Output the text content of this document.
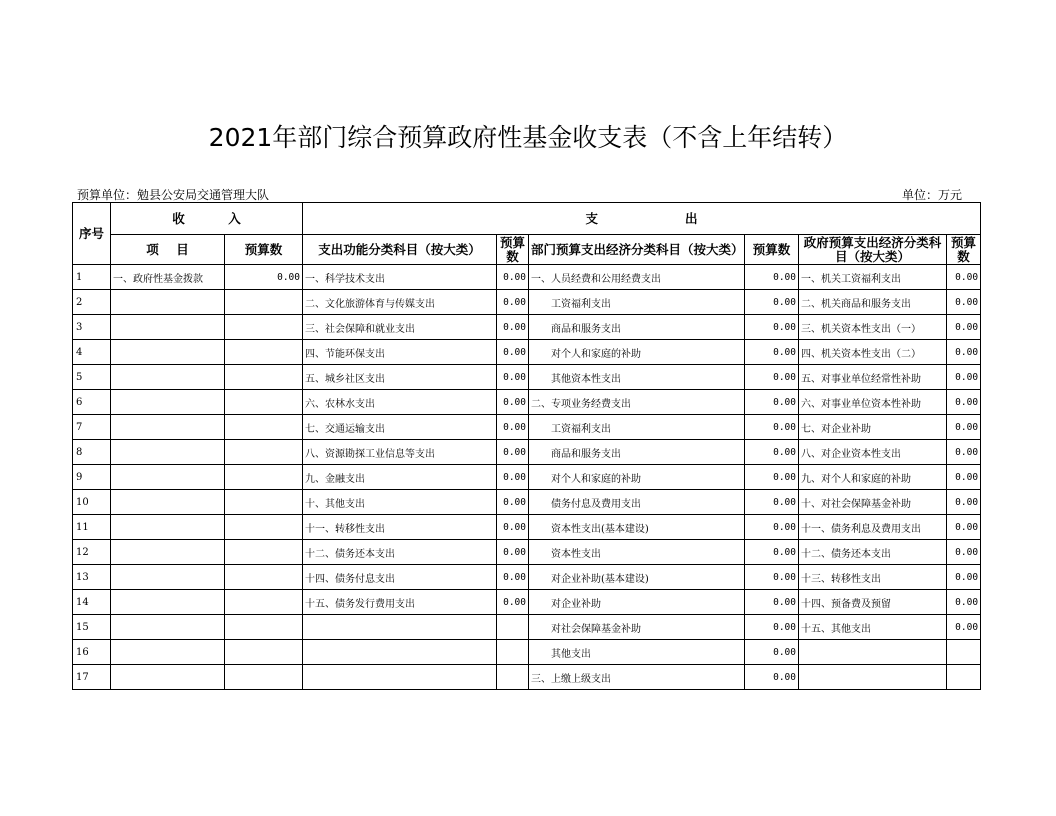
2021年部门综合预算政府性基金收支表（不含上年结转）
预算单位：勉县公安局交通管理大队	单位：万元
序号	收          入		支                    出					
	项    目	预算数	支出功能分类科目（按大类）	预算数	部门预算支出经济分类科目（按大类）	预算数	政府预算支出经济分类科目（按大类）	预算数
1	一、政府性基金拨款	0.00	一、科学技术支出	0.00	一、人员经费和公用经费支出	0.00	一、机关工资福利支出	0.00
2			二、文化旅游体育与传媒支出	0.00	工资福利支出	0.00	二、机关商品和服务支出	0.00
3			三、社会保障和就业支出	0.00	商品和服务支出	0.00	三、机关资本性支出（一）	0.00
4			四、节能环保支出	0.00	对个人和家庭的补助	0.00	四、机关资本性支出（二）	0.00
5			五、城乡社区支出	0.00	其他资本性支出	0.00	五、对事业单位经常性补助	0.00
6			六、农林水支出	0.00	二、专项业务经费支出	0.00	六、对事业单位资本性补助	0.00
7			七、交通运输支出	0.00	工资福利支出	0.00	七、对企业补助	0.00
8			八、资源勘探工业信息等支出	0.00	商品和服务支出	0.00	八、对企业资本性支出	0.00
9			九、金融支出	0.00	对个人和家庭的补助	0.00	九、对个人和家庭的补助	0.00
10			十、其他支出	0.00	债务付息及费用支出	0.00	十、对社会保障基金补助	0.00
11			十一、转移性支出	0.00	资本性支出(基本建设)	0.00	十一、债务利息及费用支出	0.00
12			十二、债务还本支出	0.00	资本性支出	0.00	十二、债务还本支出	0.00
13			十四、债务付息支出	0.00	对企业补助(基本建设)	0.00	十三、转移性支出	0.00
14			十五、债务发行费用支出	0.00	对企业补助	0.00	十四、预备费及预留	0.00
15					对社会保障基金补助	0.00	十五、其他支出	0.00
16					其他支出	0.00		
17					三、上缴上级支出	0.00		
